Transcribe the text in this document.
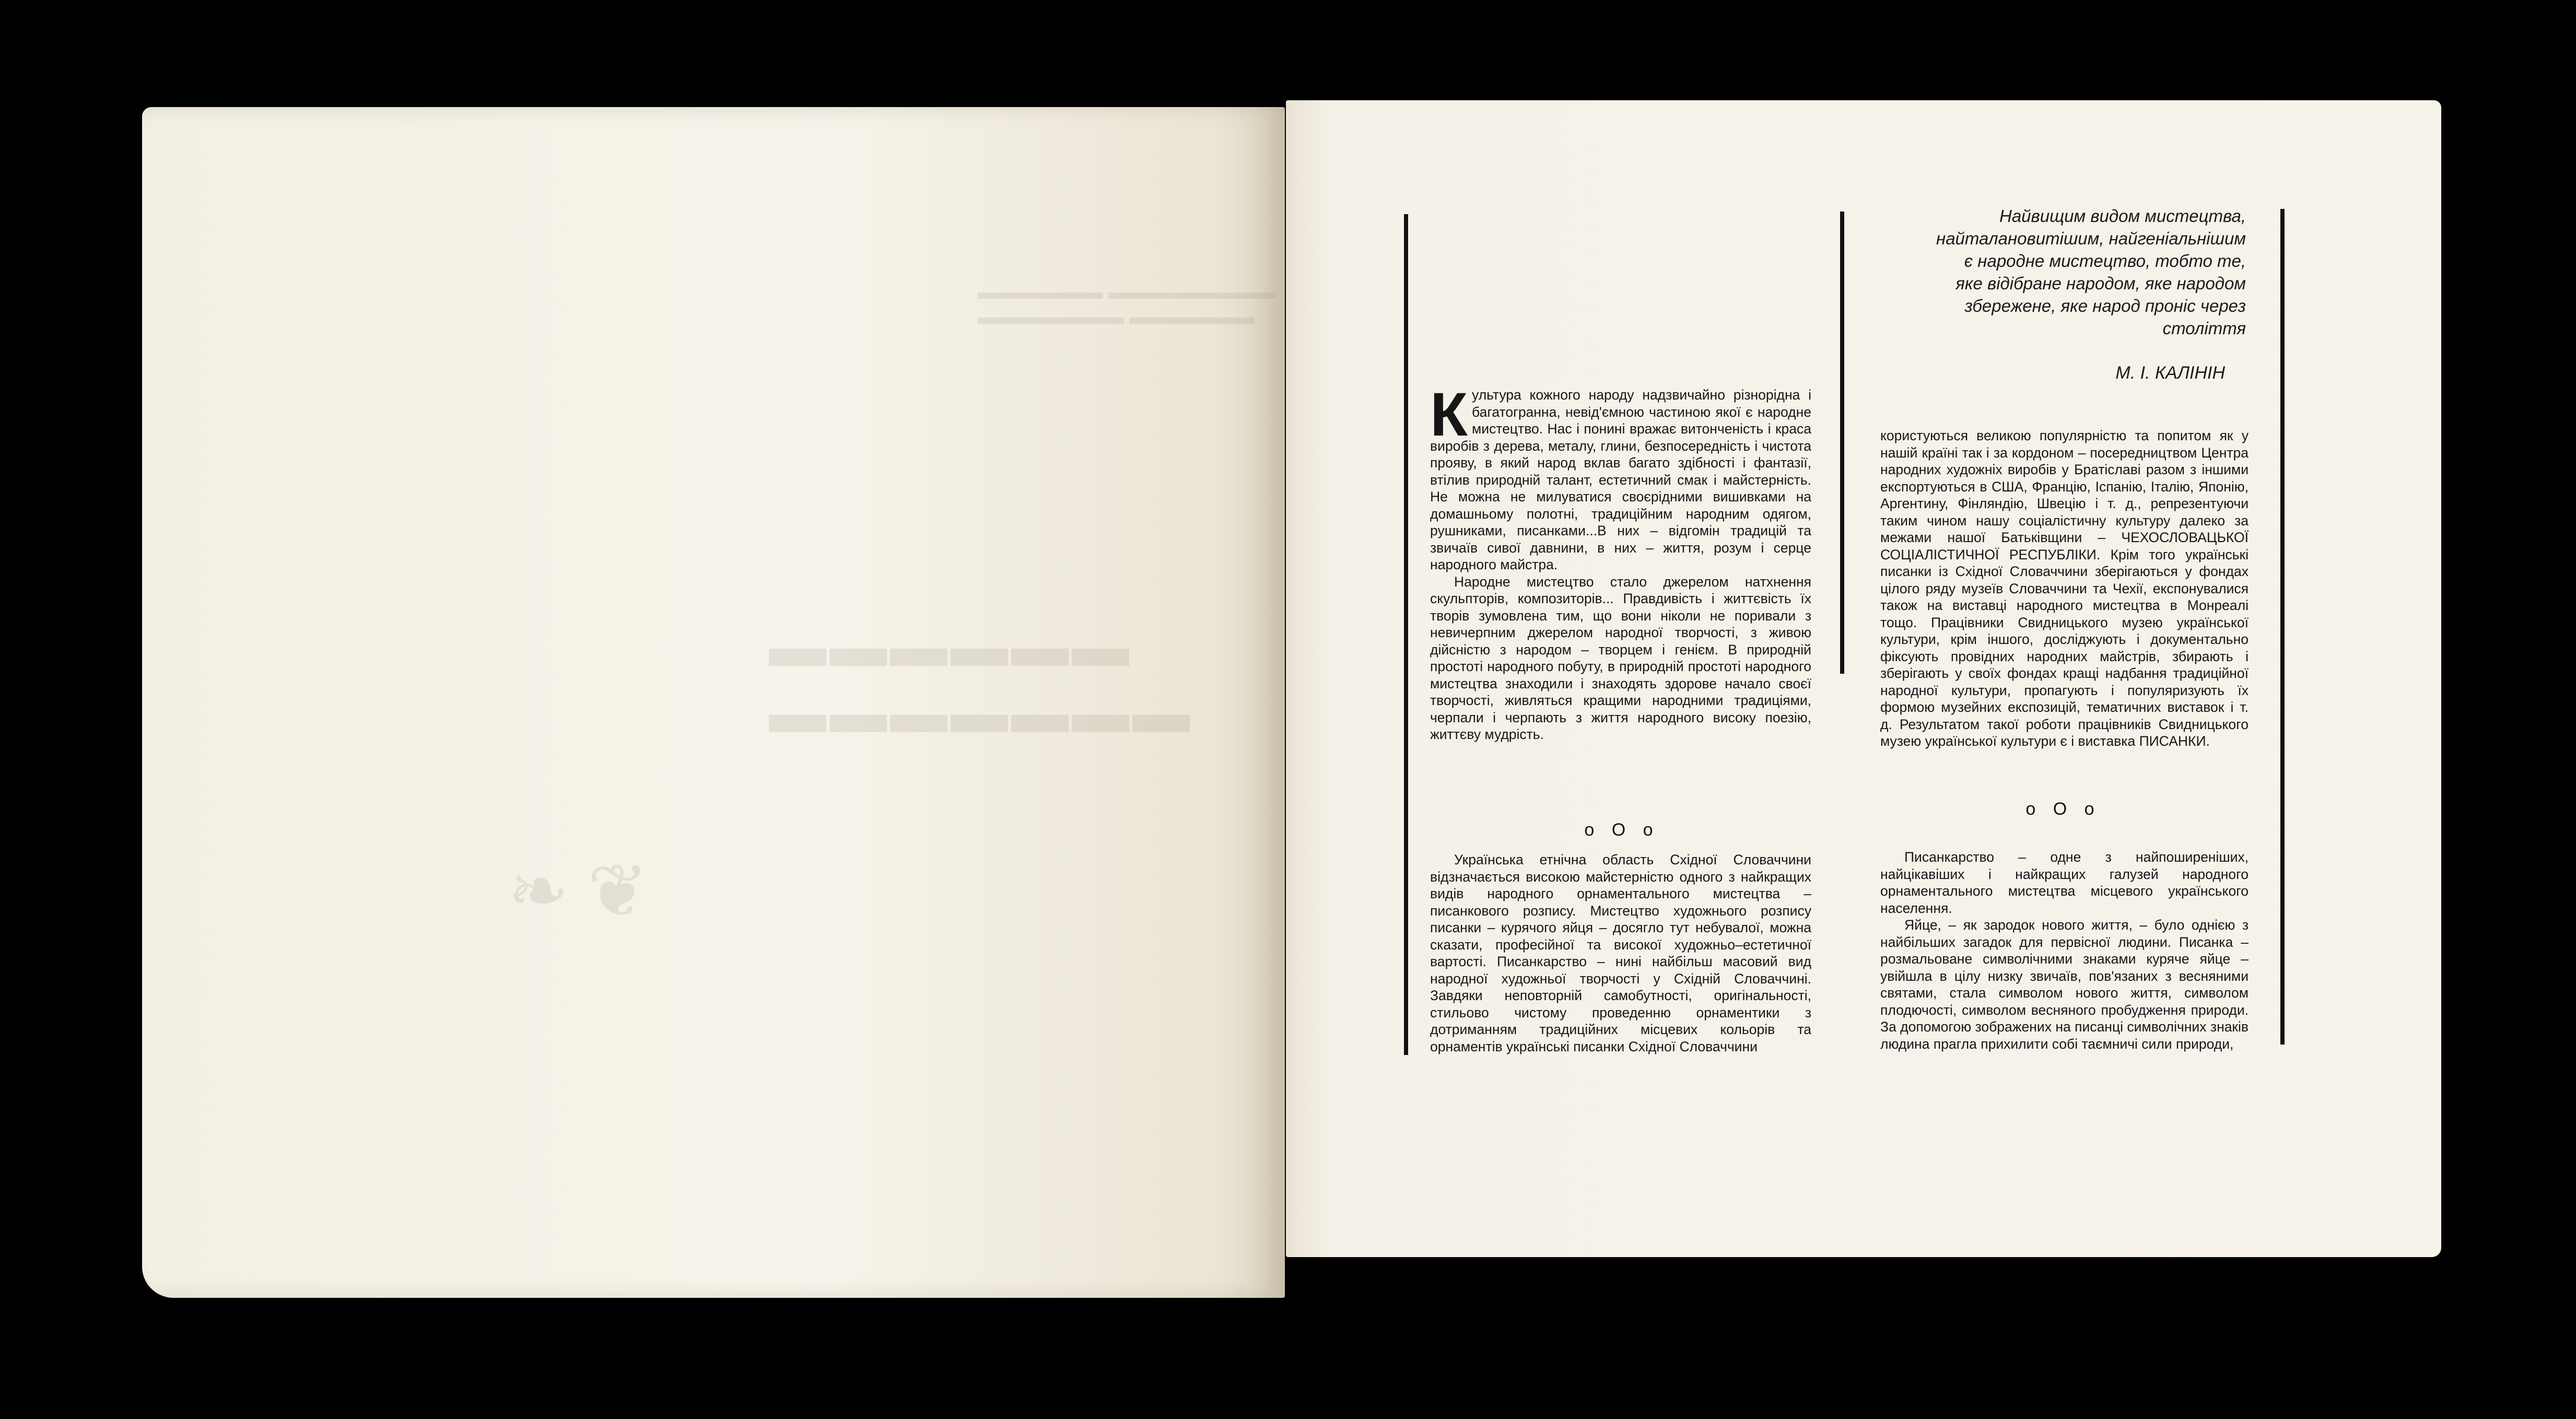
▬▬▬▬▬▬ ▬▬▬▬▬▬▬▬
▬▬▬▬▬▬▬ ▬▬▬▬▬▬
▬▬▬▬▬▬ ▬▬▬▬▬▬▬
❧ ❦
Найвищим видом мистецтва,
найталановитішим, найгеніальнішим
є народне мистецтво, тобто те,
яке відібране народом, яке народом
збережене, яке народ проніс через
століття
М. І. КАЛІНІН

Культура кожного народу надзвичайно різнорідна і багатогранна, невід'ємною частиною якої є народне мистецтво. Нас і понині вражає витонченість і краса виробів з дерева, металу, глини, безпосередність і чистота прояву, в який народ вклав багато здібності і фантазії, втілив природній талант, естетичний смак і майстерність. Не можна не милуватися своєрідними вишивками на домашньому полотні, традиційним народним одягом, рушниками, писанками...В них – відгомін традицій та звичаїв сивої давнини, в них – життя, розум і серце народного майстра.

Народне мистецтво стало джерелом натхнення скульпторів, композиторів... Правдивість і життєвість їх творів зумовлена тим, що вони ніколи не поривали з невичерпним джерелом народної творчості, з живою дійсністю з народом – творцем і генієм. В природній простоті народного побуту, в природній простоті народного мистецтва знаходили і знаходять здорове начало своєї творчості, живляться кращими народними традиціями, черпали і черпають з життя народного високу поезію, життєву мудрість.

o O o

Українська етнічна область Східної Словаччини відзначається високою майстерністю одного з найкращих видів народного орнаментального мистецтва – писанкового розпису. Мистецтво художнього розпису писанки – курячого яйця – досягло тут небувалої, можна сказати, професійної та високої художньо–естетичної вартості. Писанкарство – нині найбільш масовий вид народної художньої творчості у Східній Словаччині. Завдяки неповторній самобутності, оригінальності, стильово чистому проведенню орнаментики з дотриманням традиційних місцевих кольорів та орнаментів українські писанки Східної Словаччини

користуються великою популярністю та попитом як у нашій країні так і за кордоном – посередництвом Центра народних художніх виробів у Братіславі разом з іншими експортуються в США, Францію, Іспанію, Італію, Японію, Аргентину, Фінляндію, Швецію і т. д., репрезентуючи таким чином нашу соціалістичну культуру далеко за межами нашої Батьківщини – ЧЕХОСЛОВАЦЬКОЇ СОЦІАЛІСТИЧНОЇ РЕСПУБЛІКИ. Крім того українські писанки із Східної Словаччини зберігаються у фондах цілого ряду музеїв Словаччини та Чехії, експонувалися також на виставці народного мистецтва в Монреалі тощо. Працівники Свидницького музею української культури, крім іншого, досліджують і документально фіксують провідних народних майстрів, збирають і зберігають у своїх фондах кращі надбання традиційної народної культури, пропагують і популяризують їх формою музейних експозицій, тематичних виставок і т. д. Результатом такої роботи працівників Свидницького музею української культури є і виставка ПИСАНКИ.

o O o

Писанкарство – одне з найпоширеніших, найцікавіших і найкращих галузей народного орнаментального мистецтва місцевого українського населення.

Яйце, – як зародок нового життя, – було однією з найбільших загадок для первісної людини. Писанка – розмальоване символічними знаками куряче яйце – увійшла в цілу низку звичаїв, пов'язаних з весняними святами, стала символом нового життя, символом плодючості, символом весняного пробудження природи. За допомогою зображених на писанці символічних знаків людина прагла прихилити собі таємничі сили природи,
